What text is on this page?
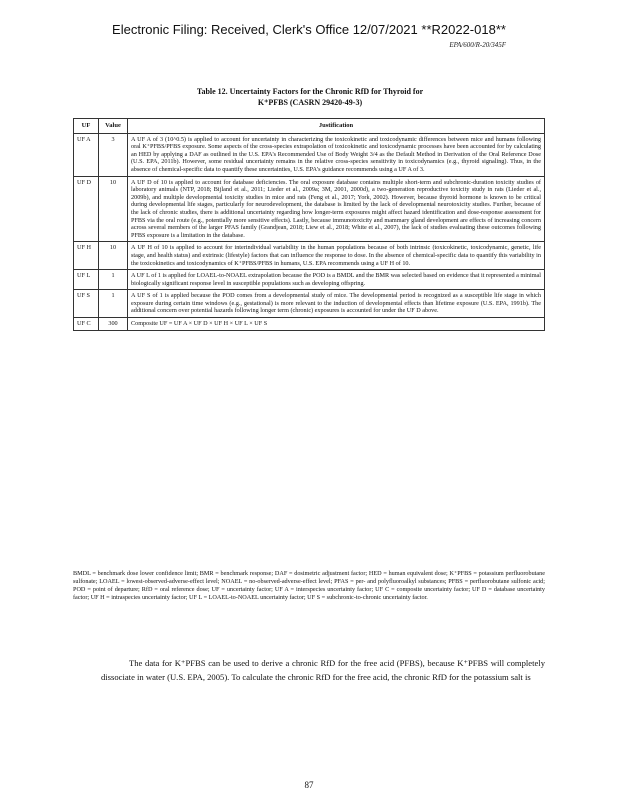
Electronic Filing: Received, Clerk's Office 12/07/2021 **R2022-018**
EPA/600/R-20/345F
Table 12. Uncertainty Factors for the Chronic RfD for Thyroid for
K⁺PFBS (CASRN 29420-49-3)
UF	Value	Justification
UF A	3	A UF A of 3 (10^0.5) is applied to account for uncertainty in characterizing the toxicokinetic and toxicodynamic differences between mice and humans following oral K⁺PFBS/PFBS exposure. Some aspects of the cross-species extrapolation of toxicokinetic and toxicodynamic processes have been accounted for by calculating an HED by applying a DAF as outlined in the U.S. EPA's Recommended Use of Body Weight 3/4 as the Default Method in Derivation of the Oral Reference Dose (U.S. EPA, 2011b). However, some residual uncertainty remains in the relative cross-species sensitivity in toxicodynamics (e.g., thyroid signaling). Thus, in the absence of chemical-specific data to quantify these uncertainties, U.S. EPA's guidance recommends using a UF A of 3.
UF D	10	A UF D of 10 is applied to account for database deficiencies. The oral exposure database contains multiple short-term and subchronic-duration toxicity studies of laboratory animals (NTP, 2018; Bijland et al., 2011; Lieder et al., 2009a; 3M, 2001, 2000d), a two-generation reproductive toxicity study in rats (Lieder et al., 2009b), and multiple developmental toxicity studies in mice and rats (Feng et al., 2017; York, 2002). However, because thyroid hormone is known to be critical during developmental life stages, particularly for neurodevelopment, the database is limited by the lack of developmental neurotoxicity studies. Further, because of the lack of chronic studies, there is additional uncertainty regarding how longer-term exposures might affect hazard identification and dose-response assessment for PFBS via the oral route (e.g., potentially more sensitive effects). Lastly, because immunotoxicity and mammary gland development are effects of increasing concern across several members of the larger PFAS family (Grandjean, 2018; Liew et al., 2018; White et al., 2007), the lack of studies evaluating these outcomes following PFBS exposure is a limitation in the database.
UF H	10	A UF H of 10 is applied to account for interindividual variability in the human populations because of both intrinsic (toxicokinetic, toxicodynamic, genetic, life stage, and health status) and extrinsic (lifestyle) factors that can influence the response to dose. In the absence of chemical-specific data to quantify this variability in the toxicokinetics and toxicodynamics of K⁺PFBS/PFBS in humans, U.S. EPA recommends using a UF H of 10.
UF L	1	A UF L of 1 is applied for LOAEL-to-NOAEL extrapolation because the POD is a BMDL and the BMR was selected based on evidence that it represented a minimal biologically significant response level in susceptible populations such as developing offspring.
UF S	1	A UF S of 1 is applied because the POD comes from a developmental study of mice. The developmental period is recognized as a susceptible life stage in which exposure during certain time windows (e.g., gestational) is more relevant to the induction of developmental effects than lifetime exposure (U.S. EPA, 1991b). The additional concern over potential hazards following longer term (chronic) exposures is accounted for under the UF D above.
UF C	300	Composite UF = UF A × UF D × UF H × UF L × UF S
BMDL = benchmark dose lower confidence limit; BMR = benchmark response; DAF = dosimetric adjustment factor; HED = human equivalent dose; K⁺PFBS = potassium perfluorobutane sulfonate; LOAEL = lowest-observed-adverse-effect level; NOAEL = no-observed-adverse-effect level; PFAS = per- and polyfluoroalkyl substances; PFBS = perfluorobutane sulfonic acid; POD = point of departure; RfD = oral reference dose; UF = uncertainty factor; UF A = interspecies uncertainty factor; UF C = composite uncertainty factor; UF D = database uncertainty factor; UF H = intraspecies uncertainty factor; UF L = LOAEL-to-NOAEL uncertainty factor; UF S = subchronic-to-chronic uncertainty factor.
The data for K⁺PFBS can be used to derive a chronic RfD for the free acid (PFBS), because K⁺PFBS will completely dissociate in water (U.S. EPA, 2005). To calculate the chronic RfD for the free acid, the chronic RfD for the potassium salt is
87
